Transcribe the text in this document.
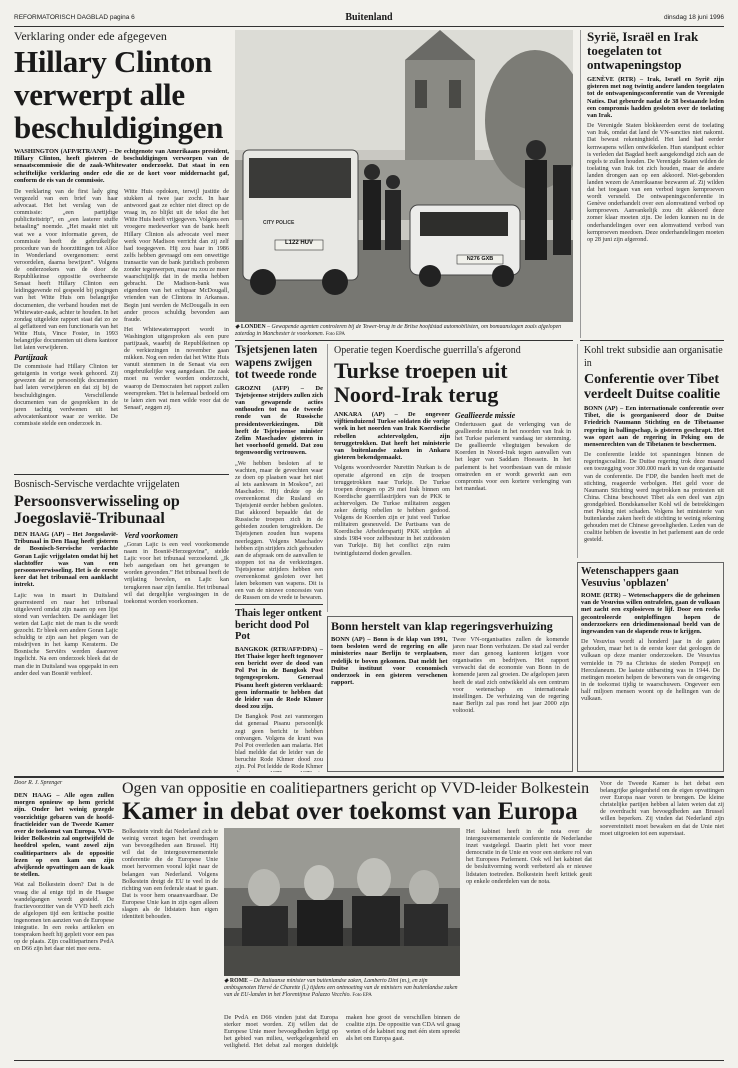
REFORMATORISCH DAGBLAD pagina 6	Buitenland	dinsdag 18 juni 1996
Verklaring onder ede afgegeven
Hillary Clinton verwerpt alle beschuldigingen
WASHINGTON (AFP/RTR/ANP) – De echtgenote van Amerikaans president, Hillary Clinton, heeft gisteren de beschuldigingen verworpen van de senaatscommissie die de zaak-Whitewater onderzoekt. Dat staat in een schriftelijke verklaring onder ede die ze de kort voor middernacht gaf, conform de eis van de commissie.
De verklaring van de first lady ging vergezeld van een brief van haar advocaat. Het het verslag van de commissie: „een partijdige publiciteitstrip”, en „een lasterer stuffe betaaling” noemde. „Het maakt niet uit wat we a voor informatie geven, de commissie heeft de gebruikelijke procedure van de hoorzittingen tot Alice in Wonderland overgenomen: eerst veroordelen, daarna bewijzen”. Volgens de onderzoekers van de door de Republikeinse oppositie overheerste Senaat heeft Hillary Clinton een leidinggevende rol gespeeld bij pogingen van het Witte Huis om belangrijke documenten, die verband houden met de Whitewater-zaak, achter te houden. In het zondag uitgelekte rapport staat dat zo ze al geflatteerd van een functionaris van het Witte Huis, Vince Foster, in 1993 belangrijke documenten uit diens kantoor liet laten verwijderen.
Partijzaak
De commissie had Hillary Clinton ter getuigenis in vorige week gehoord. Zij gewezen dat ze persoonlijk documenten had laten verwijderen en dat zij bij de beschuldigingen. Verschillende documenten van de gesprekken in de jaren tachtig verdwenen uit het advocatenkantoor waar ze werkte. De commissie stelde een onderzoek in.
Witte Huis opdoken, terwijl justitie de stukken al twee jaar zocht. In haar antwoord gaat ze echter niet direct op de vraag in, zo blijkt uit de tekst die het Witte Huis heeft vrijgegeven. Volgens een vroegere medewerker van de bank heeft Hillary Clinton als advocate veel meer werk voor Madison verricht dan zij zelf had toegegeven. Hij zou haar in 1986 zelfs hebben gevraagd om een onwettige transactie van de bank juridisch proberen zonder tegenwerpen, maar nu zou ze meer waarschijnlijk dat in de media hebben gebracht. De Madison-bank was eigendom van het echtpaar McDougall, vrienden van de Clintons in Arkansas. Begin juni werden de McDougalls in een ander proces schuldig bevonden aan fraude.
Het Whitewaterrapport wordt in Washington uitgesproken als een pure partijzaak, waarbij de Republikeinen op de verkiezingen in november gaan mikken. Nog een reden dat het Witte Huis vanuit stemmen in de Senaat via een ongebruikelijke weg aangedaan. De zaak moet nu verder worden onderzocht, waarop de Democraten het rapport zullen weerspreken. 'Het is helemaal bedoeld om te laten zien wat men wilde voor dat de Senaat', zeggen zij.
CITY POLICE
L122 HUV
N276 GXB
◆ LONDEN – Gewapende agenten controleren bij de Tower-brug in de Britse hoofdstad automobilisten, om bomaanslagen zoals afgelopen zaterdag in Manchester te voorkomen. Foto EPA
Syrië, Israël en Irak toegelaten tot ontwapeningstop
GENÈVE (RTR) – Irak, Israël en Syrië zijn gisteren met nog twintig andere landen toegelaten tot de ontwapeningsconferentie van de Verenigde Naties. Dat gebeurde nadat de 38 bestaande leden een compromis hadden gesloten over de toelating van Irak.
De Verenigde Staten blokkeerden eerst de toelating van Irak, omdat dat land de VN-sancties niet nakomt. Dat bewust rekeninghield. Het land had eerder kernwapens willen ontwikkelen. Hun standpunt echter is verleden dat Bagdad heeft aangekondigd zich aan de regels te zullen houden. De Verenigde Staten wilden de toelating van Irak tot zich houden, maar de andere landen drongen aan op een akkoord. Niet-gebonden landen wezen de Amerikaanse bezwaren af. Zij wilden dat het toegaan van een verbod tegen kernproeven wordt versneld. De ontwapeningsconferentie in Genève onderhandelt over een alomvattend verbod op kernproeven. Aanvankelijk zou dit akkoord deze zomer klaar moeten zijn. De leden kunnen nu in de onderhandelingen over een alomvattend verbod van kernproeven meedoen. Deze onderhandelingen moeten op 28 juni zijn afgerond.
Tsjetsjenen laten wapens zwijgen tot tweede ronde
GROZNI (AFP) – De Tsjetsjeense strijders zullen zich van gewapende acties onthouden tot na de tweede ronde van de Russische presidentsverkiezingen. Dit heeft de Tsjetsjeense minister Zelim Maschadov gisteren in het voorhoofd gemeld. Dat zou tegenwoordig vertrouwen.
„We hebben besloten af te wachten, maar de gevechten waar ze doen op plaatsen waar het niet al iets aankwam in Moskou”, zei Maschadov. Hij drukte op de overeenkomst die Rusland en Tsjetsjenië eerder hebben gesloten. Dat akkoord bepaalde dat de Russische troepen zich in de gebieden zouden terugtrekken. De Tsjetsjenen zouden hun wapens neerleggen. Volgens Maschadov hebben zijn strijders zich gehouden aan de afspraak om de aanvallen te stoppen tot na de verkiezingen. Tsjetsjeense strijders hebben een overeenkomst gesloten over het laten bekomen van wapens. Dit is een van de nieuwe concessies van de Russen om de vrede te bewaren.
Operatie tegen Koerdische guerrilla's afgerond
Turkse troepen uit Noord-Irak terug
ANKARA (AP) – De ongeveer vijftienduizend Turkse soldaten die vorige week in het noorden van Irak Koerdische rebellen achtervolgden, zijn teruggetrokken. Dat heeft het ministerie van buitenlandse zaken in Ankara gisteren bekendgemaakt.
Volgens woordvoerder Nurettin Nurkan is de operatie afgerond en zijn de troepen teruggetrokken naar Turkije. De Turkse troepen drongen op 29 mei Irak binnen om Koerdische guerrillastrijders van de PKK te achtervolgen. De Turkse militairen zeggen zeker dertig rebellen te hebben gedood. Volgens de Koerden zijn er juist veel Turkse militairen gesneuveld. De Partisans van de Koerdische Arbeiderspartij PKK strijden al sinds 1984 voor zelfbestuur in het zuidoosten van Turkije. Bij het conflict zijn ruim twintigduizend doden gevallen.
Geallieerde missie
Ondertussen gaat de verlenging van de geallieerde missie in het noorden van Irak in het Turkse parlement vandaag ter stemming. De geallieerde vliegtuigen bewaken de Koerden in Noord-Irak tegen aanvallen van het leger van Saddam Hoessein. In het parlement is het voortbestaan van de missie omstreden en er wordt gewerkt aan een compromis voor een kortere verlenging van het mandaat.
Kohl trekt subsidie aan organisatie in
Conferentie over Tibet verdeelt Duitse coalitie
BONN (AP) – Een internationale conferentie over Tibet, die is georganiseerd door de Duitse Friedrich Naumann Stichting en de Tibetaanse regering in ballingschap, is gisteren geschrapt. Het was opzet aan de regering in Peking om de mensenrechten van de Tibetanen te beschermen.
De conferentie leidde tot spanningen binnen de regeringscoalitie. De Duitse regering trok deze maand een toezegging voor 300.000 mark in van de organisatie van de conferentie. De FDP, die banden heeft met de stichting, reageerde verbolgen. Het geld voor de Naumann Stichting werd ingetrokken na protesten uit China. China beschouwt Tibet als een deel van zijn grondgebied. Bondskanselier Kohl wil de betrekkingen met Peking niet schaden. Volgens het ministerie van buitenlandse zaken heeft de stichting te weinig rekening gehouden met de Chinese gevoeligheden. Leden van de coalitie hebben de kwestie in het parlement aan de orde gesteld.
Bosnisch-Servische verdachte vrijgelaten
Persoonsverwisseling op Joegoslavië-Tribunaal
DEN HAAG (AP) – Het Joegoslavië-Tribunaal in Den Haag heeft gisteren de Bosnisch-Servische verdachte Goran Lajic vrijgelaten omdat hij het slachtoffer was van een persoonsverwisseling. Het is de eerste keer dat het tribunaal een aanklacht intrekt.
Lajic was in maart in Duitsland gearresteerd en naar het tribunaal uitgeleverd omdat zijn naam op een lijst stond van verdachten. De aanklager liet weten dat Lajic niet de man is die wordt gezocht. Er bleek een andere Goran Lajic schuldig te zijn aan het plegen van de misdrijven in het kamp Keraterm. De Bosnische Serviërs werden daarover ingelicht. Na een onderzoek bleek dat de man die in Duitsland was opgepakt in een ander deel van Bosnië verbleef.
Verd voorkomen
„Goran Lajic is een veel voorkomende naam in Bosnië-Herzegovina”, stelde Lajic voor het tribunaal verzoekend. „Ik heb aangedaan om het gevangen te worden gevonden.” Het tribunaal heeft de vrijlating bevolen, en Lajic kan terugkeren naar zijn familie. Het tribunaal wil dat dergelijke vergissingen in de toekomst worden voorkomen.
Wetenschappers gaan Vesuvius 'opblazen'
ROME (RTR) – Wetenschappers die de geheimen van de Vesuvius willen ontrafelen, gaan de vulkaan met zacht een explosieven te lijf. Door een reeks gecontroleerde ontploffingen hopen de onderzoekers een driedimensionaal beeld van de ingewanden van de slapende reus te krijgen.
De Vesuvius wordt al honderd jaar in de gaten gehouden, maar het is de eerste keer dat geologen de vulkaan op deze manier onderzoeken. De Vesuvius vernielde in 79 na Christus de steden Pompeji en Herculaneum. De laatste uitbarsting was in 1944. De metingen moeten helpen de bewoners van de omgeving in de toekomst tijdig te waarschuwen. Ongeveer een half miljoen mensen woont op de hellingen van de vulkaan.
Bonn herstelt van klap regeringsverhuizing
BONN (AP) – Bonn is de klap van 1991, toen besloten werd de regering en alle ministeries naar Berlijn te verplaatsen, redelijk te boven gekomen. Dat meldt het Duitse instituut voor economisch onderzoek in een gisteren verschenen rapport.
Twee VN-organisaties zullen de komende jaren naar Bonn verhuizen. De stad zal verder meer dan genoeg kantoren krijgen voor organisaties en bedrijven. Het rapport verwacht dat de economie van Bonn in de komende jaren zal groeien. De afgelopen jaren heeft de stad zich ontwikkeld als een centrum voor wetenschap en internationale instellingen. De verhuizing van de regering naar Berlijn zal pas rond het jaar 2000 zijn voltooid.
Thais leger ontkent bericht dood Pol Pot
BANGKOK (RTR/AFP/DPA) – Het Thaise leger heeft tegenover een bericht over de dood van Pol Pot in de Bangkok Post tegengesproken. Generaal Pisanu heeft gisteren verklaard: geen informatie te hebben dat de leider van de Rode Khmer dood zou zijn.
De Bangkok Post zei vanmorgen dat generaal Pisanu persoonlijk zegt geen bericht te hebben ontvangen. Volgens de krant was Pol Pot overleden aan malaria. Het blad meldde dat de leider van de beruchte Rode Khmer dood zou zijn. Pol Pot leidde de Rode Khmer
Door R. J. Sprenger	Ogen van oppositie en coalitiepartners gericht op VVD-leider Bolkestein
Kamer in debat over toekomst van Europa
DEN HAAG – Alle ogen zullen morgen opnieuw op hem gericht zijn. Onder het weinig gezegde voorzichtige gebaren van de hoofd-fractieleider van de Tweede Kamer over de toekomst van Europa. VVD-leider Bolkestein zal ongetwijfeld de hoofdrol spelen, want zowel zijn coalitiepartners als de oppositie lezen op een kam om zijn afwijkende opvattingen aan de kaak te stellen.
Wat zal Bolkestein doen? Dat is de vraag die al enige tijd in de Haagse wandelgangen wordt gesteld. De fractievoorzitter van de VVD heeft zich de afgelopen tijd een kritische positie ingenomen ten aanzien van de Europese integratie. In een reeks artikelen en toespraken heeft hij gepleit voor een pas op de plaats. Zijn coalitiepartners PvdA en D66 zijn het daar niet mee eens.
Bolkestein vindt dat Nederland zich te weinig verzet tegen het overdragen van bevoegdheden aan Brussel. Hij wil dat de intergouvernementele conferentie die de Europese Unie moet hervormen vooral kijkt naar de belangen van Nederland. Volgens Bolkestein dreigt de EU te veel in de richting van een federale staat te gaan. Dat is voor hem onaanvaardbaar. De Europese Unie kan in zijn ogen alleen slagen als de lidstaten hun eigen identiteit behouden.
◆ ROME – De Italiaanse minister van buitenlandse zaken, Lamberto Dini (m.), en zijn ambtsgenoten Hervé de Charette (l.) tijdens een ontmoeting van de ministers van buitenlandse zaken van de EU-landen in het Florentijnse Palazzo Vecchio. Foto EPA
De PvdA en D66 vinden juist dat Europa sterker moet worden. Zij willen dat de Europese Unie meer bevoegdheden krijgt op het gebied van milieu, werkgelegenheid en veiligheid. Het debat zal morgen duidelijk maken hoe groot de verschillen binnen de coalitie zijn. De oppositie van CDA wil graag weten of de kabinet nog met één stem spreekt als het om Europa gaat.
Het kabinet heeft in de nota over de intergouvernementele conferentie de Nederlandse inzet vastgelegd. Daarin pleit het voor meer democratie in de Unie en voor een sterkere rol van het Europees Parlement. Ook wil het kabinet dat de besluitvorming wordt verbeterd als er nieuwe lidstaten toetreden. Bolkestein heeft kritiek geuit op enkele onderdelen van de nota.
Voor de Tweede Kamer is het debat een belangrijke gelegenheid om de eigen opvattingen over Europa naar voren te brengen. De kleine christelijke partijen hebben al laten weten dat zij de overdracht van bevoegdheden aan Brussel willen beperken. Zij vinden dat Nederland zijn soevereiniteit moet bewaken en dat de Unie niet moet uitgroeien tot een superstaat.
